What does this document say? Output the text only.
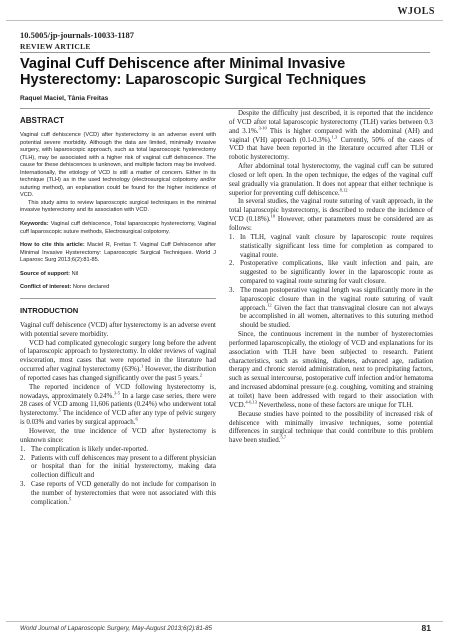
WJOLS
10.5005/jp-journals-10033-1187
REVIEW ARTICLE
Vaginal Cuff Dehiscence after Minimal Invasive
Hysterectomy: Laparoscopic Surgical Techniques
Raquel Maciel, Tânia Freitas
ABSTRACT

Vaginal cuff dehiscence (VCD) after hysterectomy is an adverse event with potential severe morbidity. Although the data are limited, minimally invasive surgery, with laparoscopic approach, such as total laparoscopic hysterectomy (TLH), may be associated with a higher risk of vaginal cuff dehiscence. The cause for these dehiscences is unknown, and multiple factors may be involved. Internationally, the etiology of VCD is still a matter of concern. Either in its technique (TLH) as in the used technology (electrosurgical colpotomy and/or suturing method), an explanation could be found for the higher incidence of VCD.

This study aims to review laparoscopic surgical techniques in the minimal invasive hysterectomy and its association with VCD.

Keywords: Vaginal cuff dehiscence, Total laparoscopic hysterectomy, Vaginal cuff laparoscopic suture methods, Electrosurgical colpotomy.

How to cite this article: Maciel R, Freitas T. Vaginal Cuff Dehiscence after Minimal Invasive Hysterectomy: Laparoscopic Surgical Techniques. World J Laparosc Surg 2013;6(2):81-85.

Source of support: Nil

Conflict of interest: None declared

INTRODUCTION

Vaginal cuff dehiscence (VCD) after hysterectomy is an adverse event with potential severe morbidity.

VCD had complicated gynecologic surgery long before the advent of laparoscopic approach to hysterectomy. In older reviews of vaginal evisceration, most cases that were reported in the literature had occurred after vaginal hysterectomy (63%).$^1$ However, the distribution of reported cases has changed significantly over the past 5 years.$^2$

The reported incidence of VCD following hysterectomy is, nowadays, approximately 0.24%.$^{3-5}$ In a large case series, there were 28 cases of VCD among 11,606 patients (0.24%) who underwent total hysterectomy.$^5$ The incidence of VCD after any type of pelvic surgery is 0.03% and varies by surgical approach.$^6$

However, the true incidence of VCD after hysterectomy is unknown since:

1. The complication is likely under-reported.
2. Patients with cuff dehiscences may present to a different physician or hospital than for the initial hysterectomy, making data collection difficult and
3. Case reports of VCD generally do not include for comparison in the number of hysterectomies that were not associated with this complication.$^5$

Despite the difficulty just described, it is reported that the incidence of VCD after total laparoscopic hysterectomy (TLH) varies between 0.3 and 3.1%.$^{3-10}$ This is higher compared with the abdominal (AH) and vaginal (VH) approach (0.1-0.3%).$^{1,3}$ Currently, 50% of the cases of VCD that have been reported in the literature occurred after TLH or robotic hysterectomy.

After abdominal total hysterectomy, the vaginal cuff can be sutured closed or left open. In the open technique, the edges of the vaginal cuff seal gradually via granulation. It does not appear that either technique is superior for preventing cuff dehiscence.$^{8,12}$

In several studies, the vaginal route suturing of vault approach, in the total laparoscopic hysterectomy, is described to reduce the incidence of VCD (0.18%).$^{10}$ However, other parameters must be considered are as follows:

1. In TLH, vaginal vault closure by laparoscopic route requires statistically significant less time for completion as compared to vaginal route.
2. Postoperative complications, like vault infection and pain, are suggested to be significantly lower in the laparoscopic route as compared to vaginal route suturing for vault closure.
3. The mean postoperative vaginal length was significantly more in the laparoscopic closure than in the vaginal route suturing of vault approach.$^{12}$ Given the fact that transvaginal closure can not always be accomplished in all women, alternatives to this suturing method should be studied.

Since, the continuous increment in the number of hysterectomies performed laparoscopically, the etiology of VCD and explanations for its association with TLH have been subjected to research. Patient characteristics, such as smoking, diabetes, advanced age, radiation therapy and chronic steroid administration, next to precipitating factors, such as sexual intercourse, postoperative cuff infection and/or hematoma and increased abdominal pressure (e.g. coughing, vomiting and straining at toilet) have been addressed with regard to their association with VCD.$^{4-6,13}$ Nevertheless, none of these factors are unique for TLH.

Because studies have pointed to the possibility of increased risk of dehiscence with minimally invasive techniques, some potential differences in surgical technique that could contribute to this problem have been studied.$^{5,7}$

World Journal of Laparoscopic Surgery, May-August 2013;6(2):81-85	81
